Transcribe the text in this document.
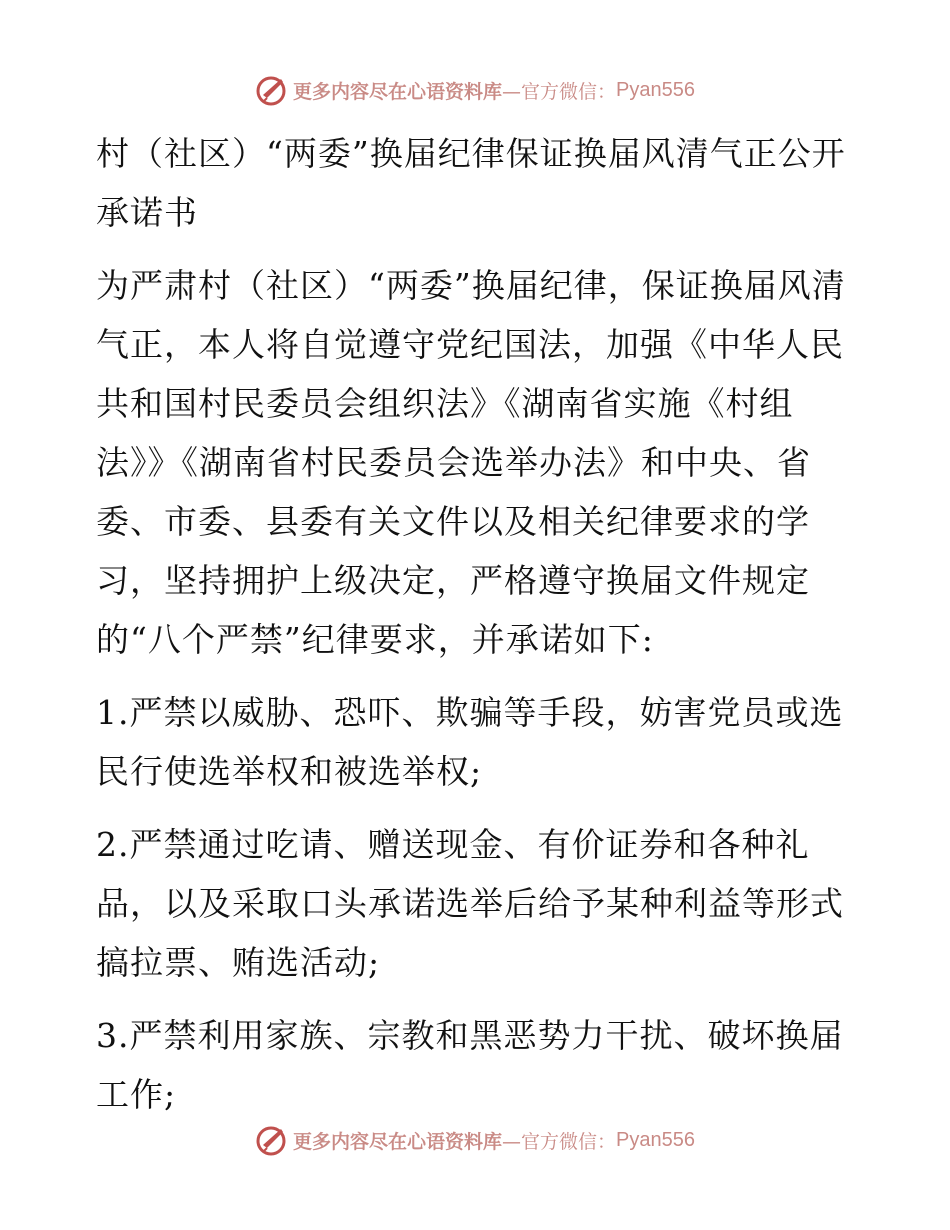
更多内容尽在心语资料库 —官方微信： Pyan556

村（社区）“两委”换届纪律保证换届风清气正公开承诺书

为严肃村（社区）“两委”换届纪律，保证换届风清气正，本人将自觉遵守党纪国法，加强《中华人民共和国村民委员会组织法》《湖南省实施《村组法》》《湖南省村民委员会选举办法》和中央、省委、市委、县委有关文件以及相关纪律要求的学习，坚持拥护上级决定，严格遵守换届文件规定的“八个严禁”纪律要求，并承诺如下:

1.严禁以威胁、恐吓、欺骗等手段，妨害党员或选民行使选举权和被选举权;

2.严禁通过吃请、赠送现金、有价证券和各种礼品，以及采取口头承诺选举后给予某种利益等形式搞拉票、贿选活动;

3.严禁利用家族、宗教和黑恶势力干扰、破坏换届工作;

更多内容尽在心语资料库 —官方微信： Pyan556
